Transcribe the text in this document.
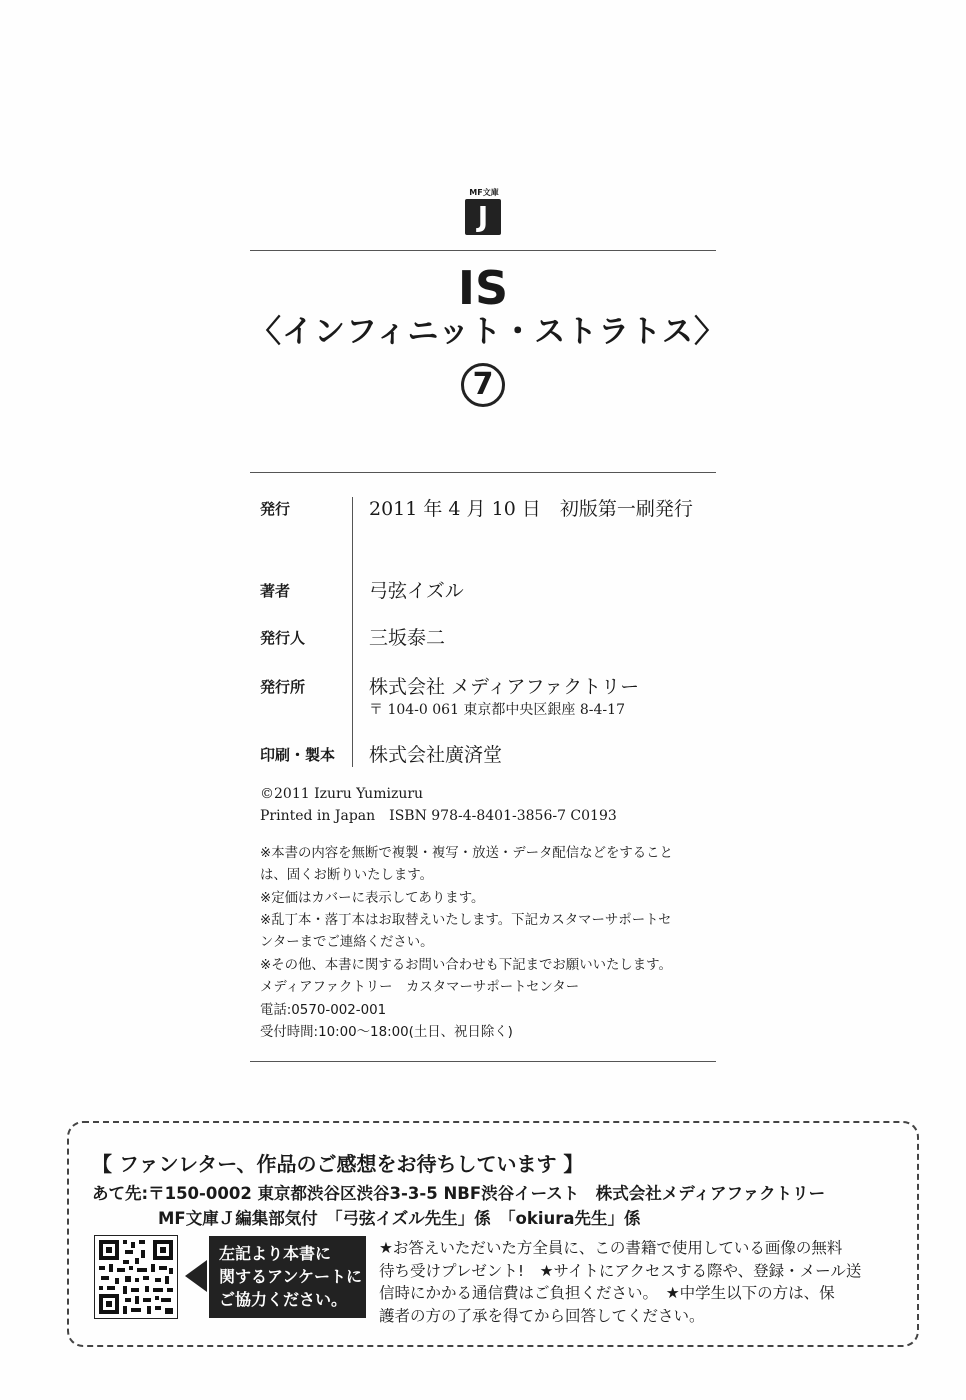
MF文庫
J
IS
〈インフィニット・ストラトス〉
7
発行	2011 年 4 月 10 日　初版第一刷発行
著者	弓弦イズル
発行人	三坂泰二
発行所	株式会社 メディアファクトリー
〒 104-0 061 東京都中央区銀座 8-4-17
印刷・製本 株式会社廣済堂
©2011 Izuru Yumizuru
Printed in Japan　ISBN 978-4-8401-3856-7 C0193
※本書の内容を無断で複製・複写・放送・データ配信などをすること
は、固くお断りいたします。
※定価はカバーに表示してあります。
※乱丁本・落丁本はお取替えいたします。下記カスタマーサポートセ
ンターまでご連絡ください。
※その他、本書に関するお問い合わせも下記までお願いいたします。
メディアファクトリー　カスタマーサポートセンター
電話:0570-002-001
受付時間:10:00〜18:00(土日、祝日除く)
【 ファンレター、作品のご感想をお待ちしています 】
あて先:〒150-0002 東京都渋谷区渋谷3-3-5 NBF渋谷イースト　株式会社メディアファクトリー
MF文庫Ｊ編集部気付　「弓弦イズル先生」係　「okiura先生」係
左記より本書に
関するアンケートに
ご協力ください。
★お答えいただいた方全員に、この書籍で使用している画像の無料
待ち受けプレゼント!　★サイトにアクセスする際や、登録・メール送
信時にかかる通信費はご負担ください。　★中学生以下の方は、保
護者の方の了承を得てから回答してください。
